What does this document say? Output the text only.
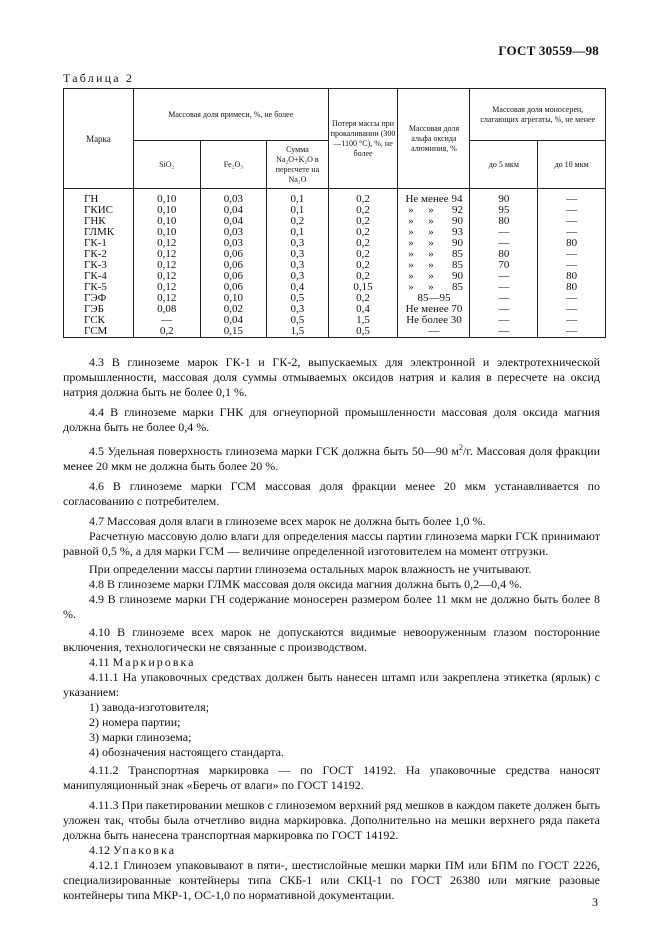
ГОСТ 30559—98
Таблица 2
Марка	Массовая доля примеси, %, не более			Потеря массы при прокаливании (300—1100 °С), %, не более	Массовая доля альфа оксида алюминия, %	Массовая доля моносерен, слагающих агрегаты, %, не менее	
	SiO₂	Fe₂O₃	Сумма Na₂O+K₂O в пересчете на Na₂O			до 5 мкм	до 10 мкм
ГН	0,10	0,03	0,1	0,2	Не менее 94	90	—
ГКИС	0,10	0,04	0,1	0,2	» » 92	95	—
ГНК	0,10	0,04	0,2	0,2	» » 90	80	—
ГЛМК	0,10	0,03	0,1	0,2	» » 93	—	—
ГК-1	0,12	0,03	0,3	0,2	» » 90	—	80
ГК-2	0,12	0,06	0,3	0,2	» » 85	80	—
ГК-3	0,12	0,06	0,3	0,2	» » 85	70	—
ГК-4	0,12	0,06	0,3	0,2	» » 90	—	80
ГК-5	0,12	0,06	0,4	0,15	» » 85	—	80
ГЭФ	0,12	0,10	0,5	0,2	85—95	—	—
ГЭБ	0,08	0,02	0,3	0,4	Не менее 70	—	—
ГСК	—	0,04	0,5	1,5	Не более 30	—	—
ГСМ	0,2	0,15	1,5	0,5	—	—	—

4.3 В глиноземе марок ГК-1 и ГК-2, выпускаемых для электронной и электротехнической промышленности, массовая доля суммы отмываемых оксидов натрия и калия в пересчете на оксид натрия должна быть не более 0,1 %.

4.4 В глиноземе марки ГНК для огнеупорной промышленности массовая доля оксида магния должна быть не более 0,4 %.

4.5 Удельная поверхность глинозема марки ГСК должна быть 50—90 $м^2/г$. Массовая доля фракции менее 20 мкм не должна быть более 20 %.

4.6 В глиноземе марки ГСМ массовая доля фракции менее 20 мкм устанавливается по согласованию с потребителем.

4.7 Массовая доля влаги в глиноземе всех марок не должна быть более 1,0 %.

Расчетную массовую долю влаги для определения массы партии глинозема марки ГСК принимают равной 0,5 %, а для марки ГСМ — величине определенной изготовителем на момент отгрузки.

При определении массы партии глинозема остальных марок влажность не учитывают.

4.8 В глиноземе марки ГЛМК массовая доля оксида магния должна быть 0,2—0,4 %.

4.9 В глиноземе марки ГН содержание моносерен размером более 11 мкм не должно быть более 8 %.

4.10 В глиноземе всех марок не допускаются видимые невооруженным глазом посторонние включения, технологически не связанные с производством.

4.11 Маркировка

4.11.1 На упаковочных средствах должен быть нанесен штамп или закреплена этикетка (ярлык) с указанием:

1) завода-изготовителя;

2) номера партии;

3) марки глинозема;

4) обозначения настоящего стандарта.

4.11.2 Транспортная маркировка — по ГОСТ 14192. На упаковочные средства наносят манипуляционный знак «Беречь от влаги» по ГОСТ 14192.

4.11.3 При пакетировании мешков с глиноземом верхний ряд мешков в каждом пакете должен быть уложен так, чтобы была отчетливо видна маркировка. Дополнительно на мешки верхнего ряда пакета должна быть нанесена транспортная маркировка по ГОСТ 14192.

4.12 Упаковка

4.12.1 Глинозем упаковывают в пяти-, шестислойные мешки марки ПМ или БПМ по ГОСТ 2226, специализированные контейнеры типа СКБ-1 или СКЦ-1 по ГОСТ 26380 или мягкие разовые контейнеры типа МКР-1, ОС-1,0 по нормативной документации.	3
